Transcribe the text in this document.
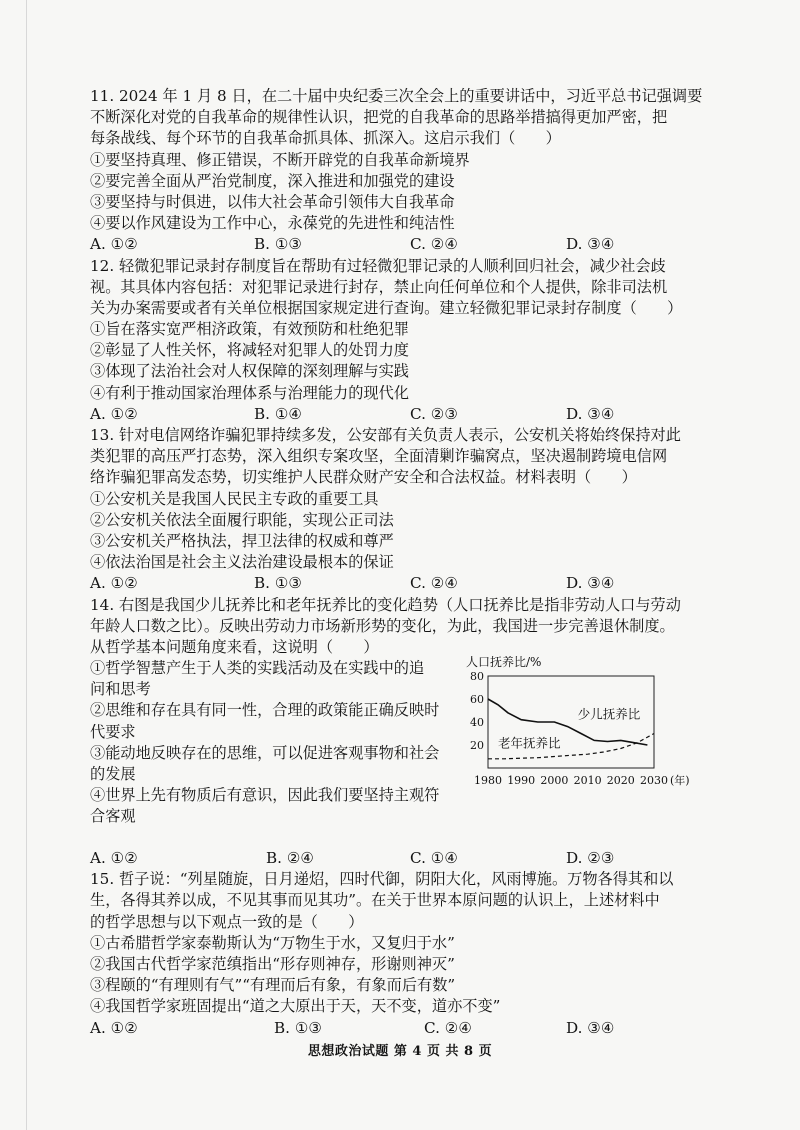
11. 2024 年 1 月 8 日，在二十届中央纪委三次全会上的重要讲话中，习近平总书记强调要
不断深化对党的自我革命的规律性认识，把党的自我革命的思路举措搞得更加严密，把
每条战线、每个环节的自我革命抓具体、抓深入。这启示我们（　　）
①要坚持真理、修正错误，不断开辟党的自我革命新境界
②要完善全面从严治党制度，深入推进和加强党的建设
③要坚持与时俱进，以伟大社会革命引领伟大自我革命
④要以作风建设为工作中心，永葆党的先进性和纯洁性
A. ①②	B. ①③	C. ②④	D. ③④
12. 轻微犯罪记录封存制度旨在帮助有过轻微犯罪记录的人顺利回归社会，减少社会歧
视。其具体内容包括：对犯罪记录进行封存，禁止向任何单位和个人提供，除非司法机
关为办案需要或者有关单位根据国家规定进行查询。建立轻微犯罪记录封存制度（　　）
①旨在落实宽严相济政策，有效预防和杜绝犯罪
②彰显了人性关怀，将减轻对犯罪人的处罚力度
③体现了法治社会对人权保障的深刻理解与实践
④有利于推动国家治理体系与治理能力的现代化
A. ①②	B. ①④	C. ②③	D. ③④
13. 针对电信网络诈骗犯罪持续多发，公安部有关负责人表示，公安机关将始终保持对此
类犯罪的高压严打态势，深入组织专案攻坚，全面清剿诈骗窝点，坚决遏制跨境电信网
络诈骗犯罪高发态势，切实维护人民群众财产安全和合法权益。材料表明（　　）
①公安机关是我国人民民主专政的重要工具
②公安机关依法全面履行职能，实现公正司法
③公安机关严格执法，捍卫法律的权威和尊严
④依法治国是社会主义法治建设最根本的保证
A. ①②	B. ①③	C. ②④	D. ③④
14. 右图是我国少儿抚养比和老年抚养比的变化趋势（人口抚养比是指非劳动人口与劳动
年龄人口数之比）。反映出劳动力市场新形势的变化，为此，我国进一步完善退休制度。
从哲学基本问题角度来看，这说明（　　）
①哲学智慧产生于人类的实践活动及在实践中的追
问和思考
②思维和存在具有同一性，合理的政策能正确反映时
代要求
③能动地反映存在的思维，可以促进客观事物和社会
的发展
④世界上先有物质后有意识，因此我们要坚持主观符
合客观
人口抚养比/%
20
40
60
80
1980 1990 2000 2010 2020 2030 (年)
少儿抚养比
老年抚养比
A. ①②	B. ②④	C. ①④	D. ②③
15. 哲子说：“列星随旋，日月递炤，四时代御，阴阳大化，风雨博施。万物各得其和以
生，各得其养以成，不见其事而见其功”。在关于世界本原问题的认识上，上述材料中
的哲学思想与以下观点一致的是（　　）
①古希腊哲学家泰勒斯认为“万物生于水，又复归于水”
②我国古代哲学家范缜指出“形存则神存，形谢则神灭”
③程颐的“有理则有气”“有理而后有象，有象而后有数”
④我国哲学家班固提出“道之大原出于天，天不变，道亦不变”
A. ①②	B. ①③	C. ②④	D. ③④
思想政治试题 第 4 页 共 8 页
